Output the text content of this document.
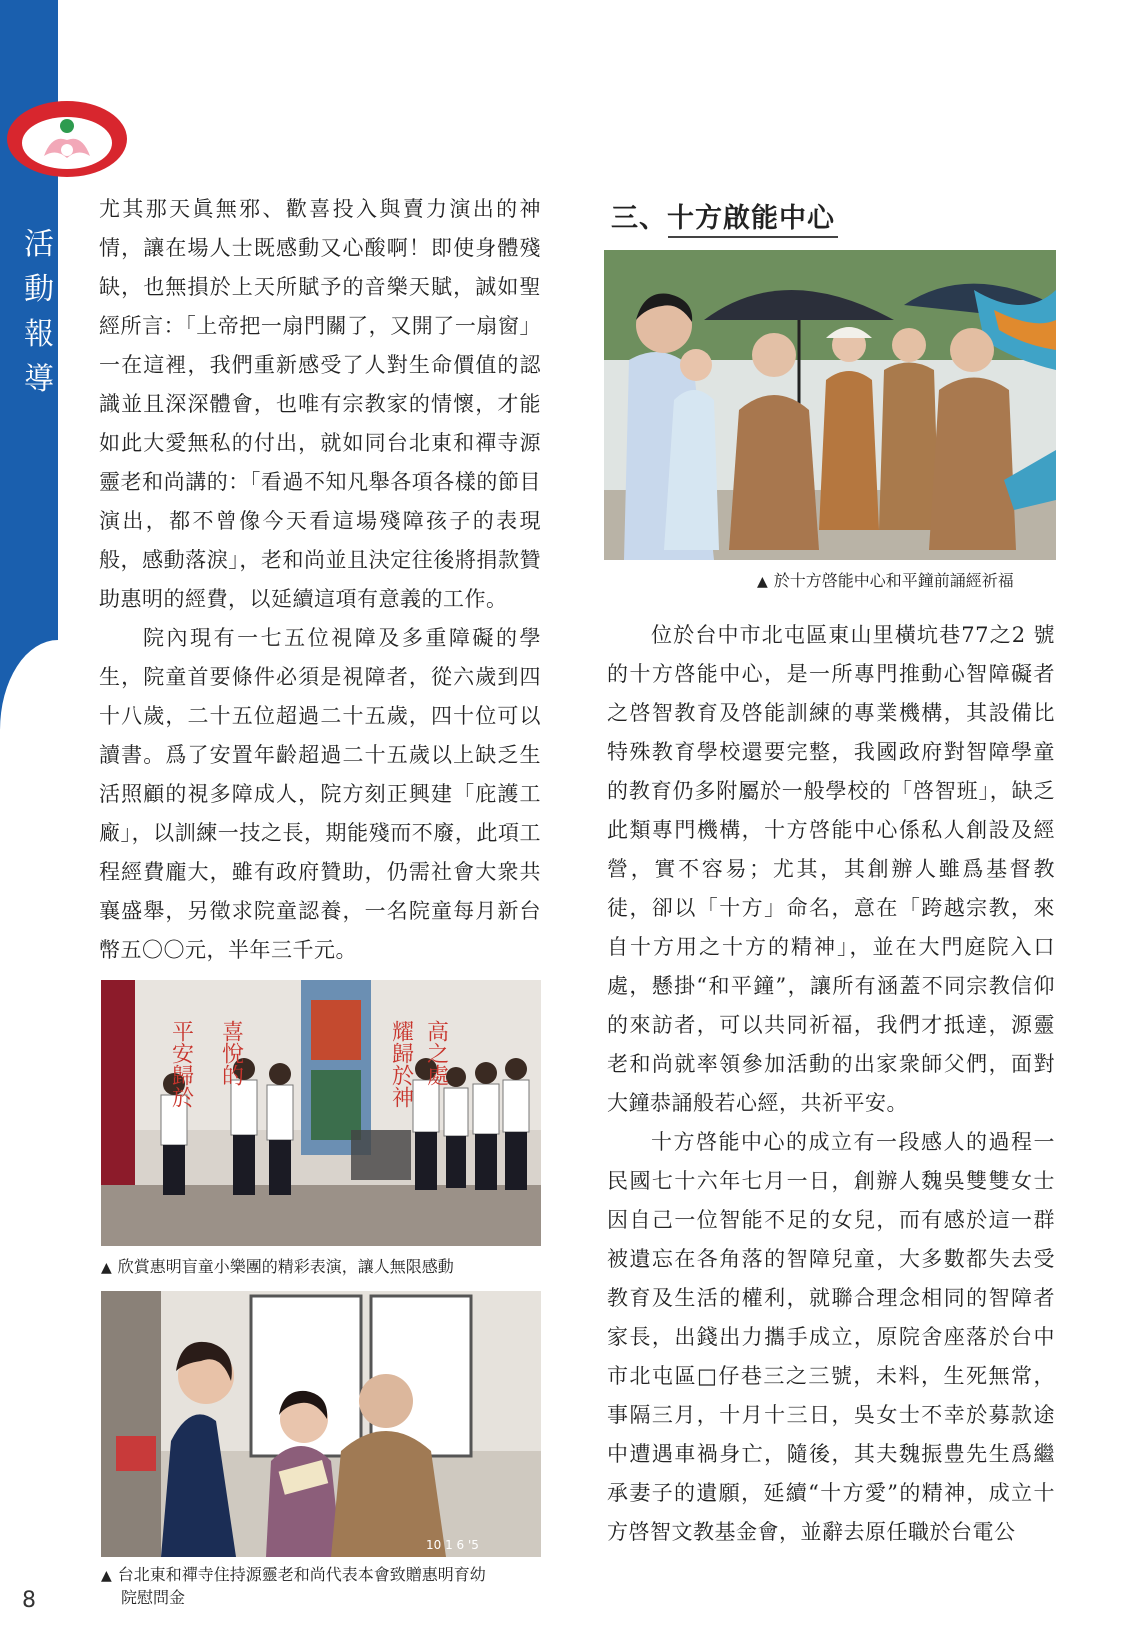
活
動
報
導
8

尤其那天眞無邪、歡喜投入與賣力演出的神情，讓在場人士既感動又心酸啊！即使身體殘缺，也無損於上天所賦予的音樂天賦，誠如聖經所言：「上帝把一扇門關了，又開了一扇窗」一在這裡，我們重新感受了人對生命價值的認識並且深深體會，也唯有宗教家的情懷，才能如此大愛無私的付出，就如同台北東和禪寺源靈老和尚講的：「看過不知凡舉各項各樣的節目演出，都不曾像今天看這場殘障孩子的表現般，感動落淚」，老和尚並且決定往後將捐款贊助惠明的經費，以延續這項有意義的工作。

院內現有一七五位視障及多重障礙的學生，院童首要條件必須是視障者，從六歲到四十八歲，二十五位超過二十五歲，四十位可以讀書。爲了安置年齡超過二十五歲以上缺乏生活照顧的視多障成人，院方刻正興建「庇護工廠」，以訓練一技之長，期能殘而不廢，此項工程經費龐大，雖有政府贊助，仍需社會大衆共襄盛舉，另徵求院童認養，一名院童每月新台幣五〇〇元，半年三千元。

平安歸於 喜悅的	高之處
耀歸於神
▲ 欣賞惠明盲童小樂團的精彩表演，讓人無限感動
10 1 6 '5
▲ 台北東和禪寺住持源靈老和尚代表本會致贈惠明育幼
院慰問金
三、十方啟能中心
▲ 於十方啓能中心和平鐘前誦經祈福

位於台中市北屯區東山里橫坑巷77之2 號的十方啓能中心，是一所專門推動心智障礙者之啓智教育及啓能訓練的專業機構，其設備比特殊教育學校還要完整，我國政府對智障學童的教育仍多附屬於一般學校的「啓智班」，缺乏此類專門機構，十方啓能中心係私人創設及經營，實不容易；尤其，其創辦人雖爲基督教徒，卻以「十方」命名，意在「跨越宗教，來自十方用之十方的精神」，並在大門庭院入口處，懸掛“和平鐘”，讓所有涵蓋不同宗教信仰的來訪者，可以共同祈福，我們才抵達，源靈老和尚就率領參加活動的出家衆師父們，面對大鐘恭誦般若心經，共祈平安。

十方啓能中心的成立有一段感人的過程一民國七十六年七月一日，創辦人魏吳雙雙女士因自己一位智能不足的女兒，而有感於這一群被遺忘在各角落的智障兒童，大多數都失去受教育及生活的權利，就聯合理念相同的智障者家長，出錢出力攜手成立，原院舍座落於台中市北屯區□仔巷三之三號，未料，生死無常，事隔三月，十月十三日，吳女士不幸於募款途中遭遇車禍身亡，隨後，其夫魏振豊先生爲繼承妻子的遺願，延續“十方愛”的精神，成立十方啓智文教基金會，並辭去原任職於台電公
